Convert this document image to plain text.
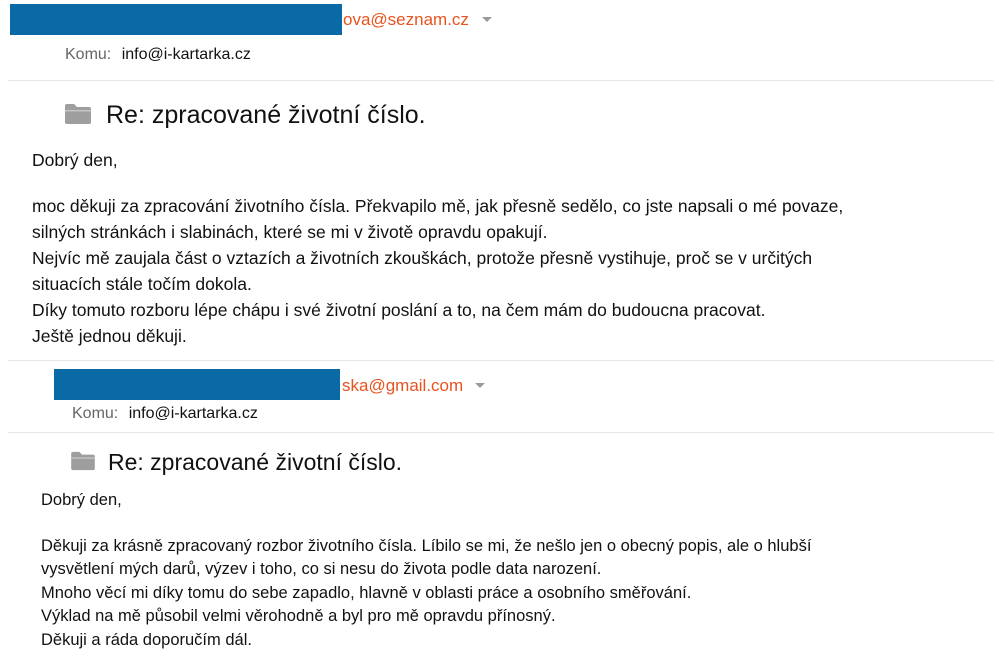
ova@seznam.cz
Komu: info@i-kartarka.cz
Re: zpracované životní číslo.

Dobrý den,

moc děkuji za zpracování životního čísla. Překvapilo mě, jak přesně sedělo, co jste napsali o mé povaze,

silných stránkách i slabinách, které se mi v životě opravdu opakují.

Nejvíc mě zaujala část o vztazích a životních zkouškách, protože přesně vystihuje, proč se v určitých

situacích stále točím dokola.

Díky tomuto rozboru lépe chápu i své životní poslání a to, na čem mám do budoucna pracovat.

Ještě jednou děkuji.

ska@gmail.com
Komu: info@i-kartarka.cz
Re: zpracované životní číslo.

Dobrý den,

Děkuji za krásně zpracovaný rozbor životního čísla. Líbilo se mi, že nešlo jen o obecný popis, ale o hlubší

vysvětlení mých darů, výzev i toho, co si nesu do života podle data narození.

Mnoho věcí mi díky tomu do sebe zapadlo, hlavně v oblasti práce a osobního směřování.

Výklad na mě působil velmi věrohodně a byl pro mě opravdu přínosný.

Děkuji a ráda doporučím dál.
